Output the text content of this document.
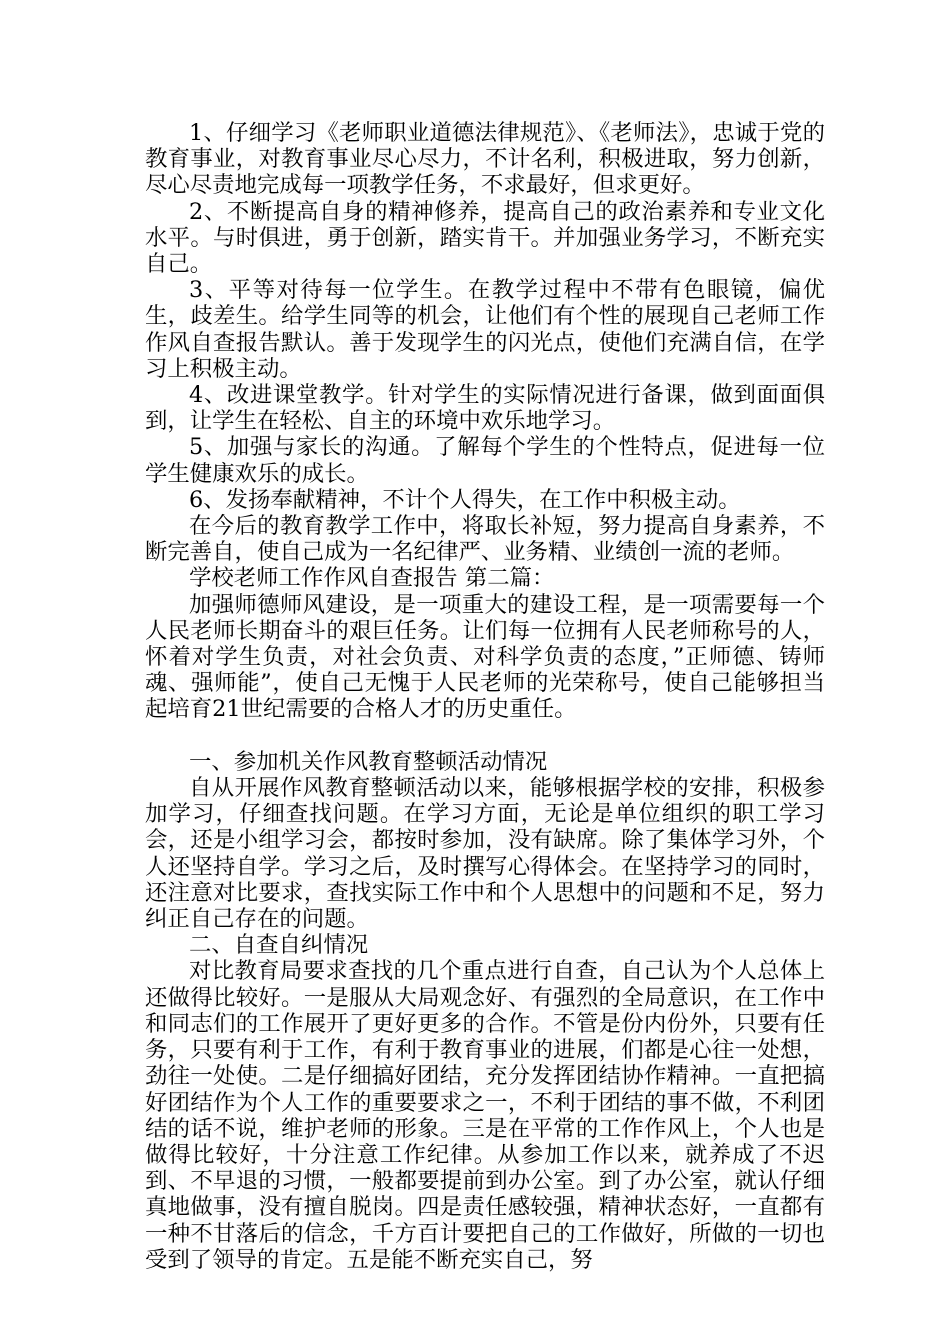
1、仔细学习《老师职业道德法律规范》、《老师法》，忠诚于党的教育事业，对教育事业尽心尽力，不计名利，积极进取，努力创新，尽心尽责地完成每一项教学任务，不求最好，但求更好。

2、不断提高自身的精神修养，提高自己的政治素养和专业文化水平。与时俱进，勇于创新，踏实肯干。并加强业务学习，不断充实自己。

3、平等对待每一位学生。在教学过程中不带有色眼镜，偏优生，歧差生。给学生同等的机会，让他们有个性的展现自己老师工作作风自查报告默认。善于发现学生的闪光点，使他们充满自信，在学习上积极主动。

4、改进课堂教学。针对学生的实际情况进行备课，做到面面俱到，让学生在轻松、自主的环境中欢乐地学习。

5、加强与家长的沟通。了解每个学生的个性特点，促进每一位学生健康欢乐的成长。

6、发扬奉献精神，不计个人得失，在工作中积极主动。

在今后的教育教学工作中，将取长补短，努力提高自身素养，不断完善自，使自己成为一名纪律严、业务精、业绩创一流的老师。

学校老师工作作风自查报告 第二篇：

加强师德师风建设，是一项重大的建设工程，是一项需要每一个人民老师长期奋斗的艰巨任务。让们每一位拥有人民老师称号的人，怀着对学生负责，对社会负责、对科学负责的态度，”正师德、铸师魂、强师能”，使自己无愧于人民老师的光荣称号，使自己能够担当起培育21世纪需要的合格人才的历史重任。

一、参加机关作风教育整顿活动情况

自从开展作风教育整顿活动以来，能够根据学校的安排，积极参加学习，仔细查找问题。在学习方面，无论是单位组织的职工学习会，还是小组学习会，都按时参加，没有缺席。除了集体学习外，个人还坚持自学。学习之后，及时撰写心得体会。在坚持学习的同时，还注意对比要求，查找实际工作中和个人思想中的问题和不足，努力纠正自己存在的问题。

二、自查自纠情况

对比教育局要求查找的几个重点进行自查，自己认为个人总体上还做得比较好。一是服从大局观念好、有强烈的全局意识，在工作中和同志们的工作展开了更好更多的合作。不管是份内份外，只要有任务，只要有利于工作，有利于教育事业的进展，们都是心往一处想，劲往一处使。二是仔细搞好团结，充分发挥团结协作精神。一直把搞好团结作为个人工作的重要要求之一，不利于团结的事不做，不利团结的话不说，维护老师的形象。三是在平常的工作作风上，个人也是做得比较好，十分注意工作纪律。从参加工作以来，就养成了不迟到、不早退的习惯，一般都要提前到办公室。到了办公室，就认仔细真地做事，没有擅自脱岗。四是责任感较强，精神状态好，一直都有一种不甘落后的信念，千方百计要把自己的工作做好，所做的一切也受到了领导的肯定。五是能不断充实自己，努
